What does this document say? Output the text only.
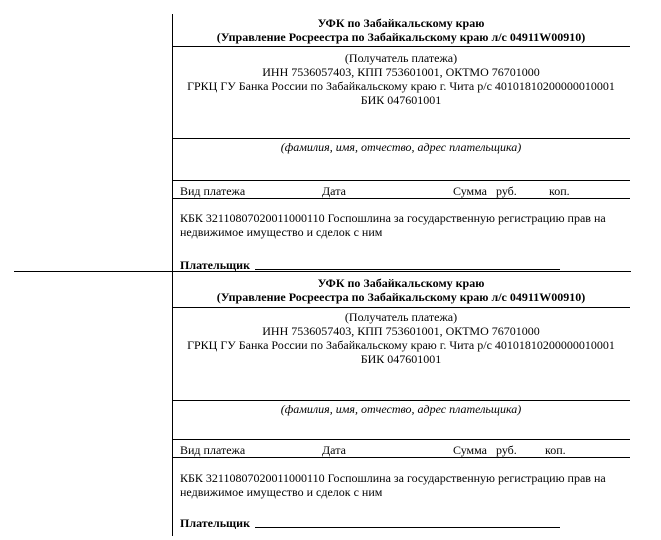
УФК по Забайкальскому краю
(Управление Росреестра по Забайкальскому краю л/с 04911W00910)
(Получатель платежа)
ИНН 7536057403, КПП 753601001, ОКТМО 76701000
ГРКЦ ГУ Банка России по Забайкальскому краю г. Чита р/с 40101810200000010001
БИК 047601001
(фамилия, имя, отчество, адрес плательщика)
Вид платежа	Дата	Сумма руб.	коп.
КБК 32110807020011000110 Госпошлина за государственную регистрацию прав на
недвижимое имущество и сделок с ним
Плательщик
УФК по Забайкальскому краю
(Управление Росреестра по Забайкальскому краю л/с 04911W00910)
(Получатель платежа)
ИНН 7536057403, КПП 753601001, ОКТМО 76701000
ГРКЦ ГУ Банка России по Забайкальскому краю г. Чита р/с 40101810200000010001
БИК 047601001
(фамилия, имя, отчество, адрес плательщика)
Вид платежа	Дата	Сумма руб. коп.
КБК 32110807020011000110 Госпошлина за государственную регистрацию прав на
недвижимое имущество и сделок с ним
Плательщик
